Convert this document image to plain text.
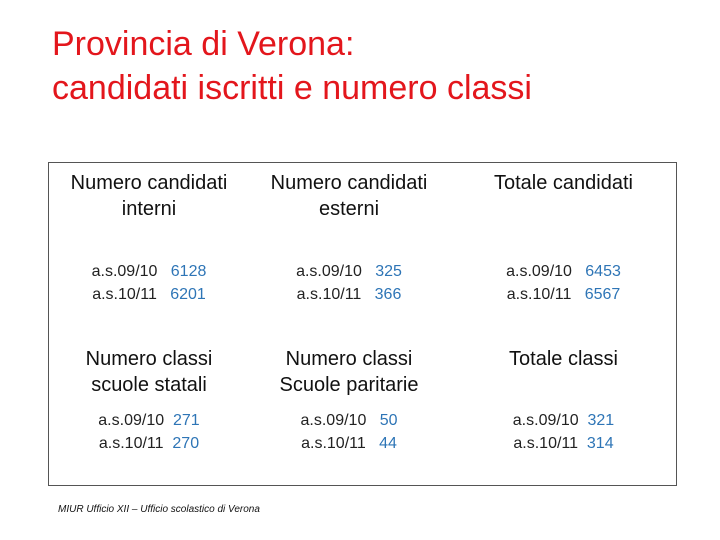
Provincia di Verona:
candidati iscritti e numero classi
Numero candidati
interni
Numero candidati
esterni
Totale candidati
a.s.09/10 6128
a.s.10/11 6201
a.s.09/10 325
a.s.10/11 366
a.s.09/10 6453
a.s.10/11 6567
Numero classi
scuole statali
Numero classi
Scuole paritarie
Totale classi
a.s.09/10 271
a.s.10/11 270
a.s.09/10 50
a.s.10/11 44
a.s.09/10 321
a.s.10/11 314
MIUR Ufficio XII – Ufficio scolastico di Verona
